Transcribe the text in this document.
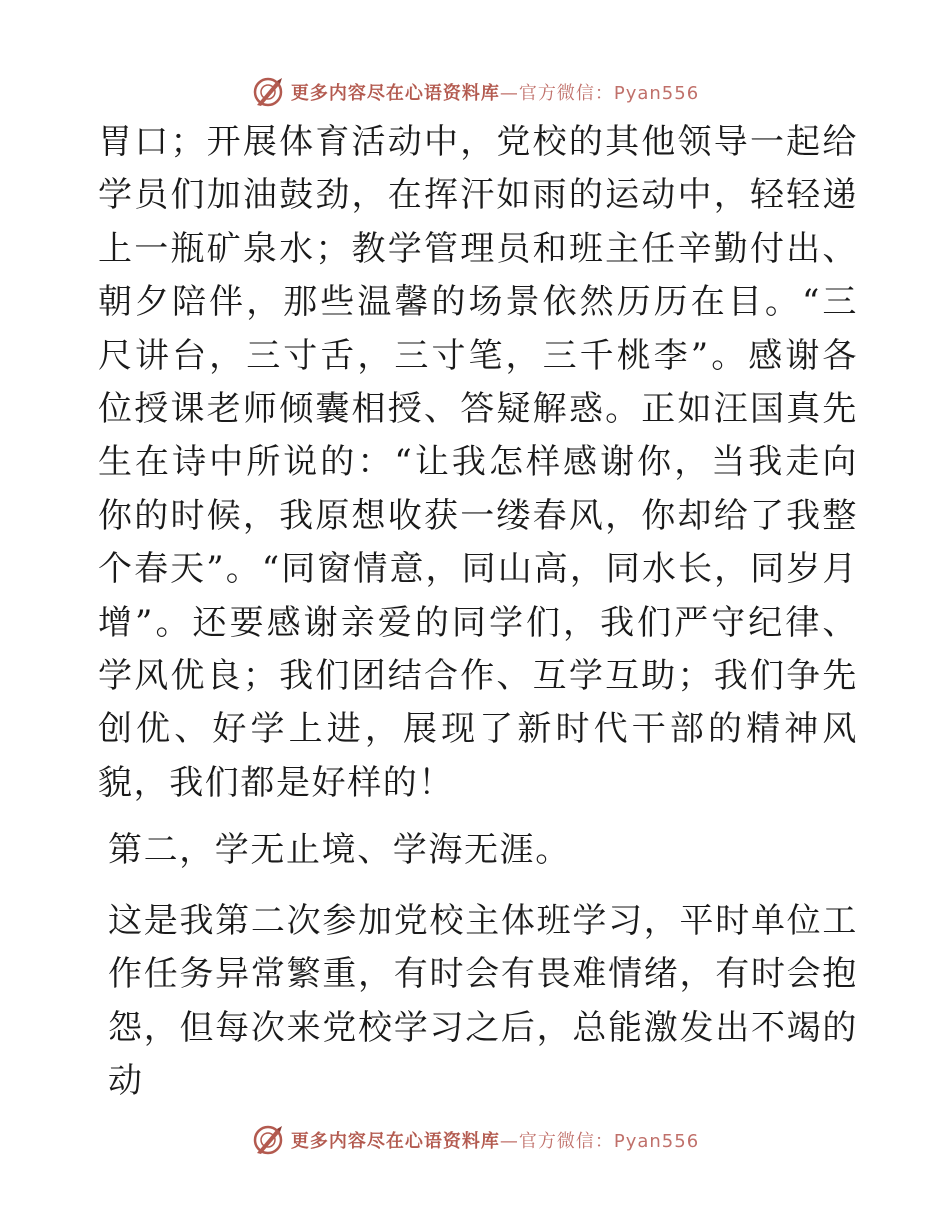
更多内容尽在心语资料库—官方微信：Pyan556

胃口；开展体育活动中，党校的其他领导一起给学员们加油鼓劲，在挥汗如雨的运动中，轻轻递上一瓶矿泉水；教学管理员和班主任辛勤付出、朝夕陪伴，那些温馨的场景依然历历在目。“三尺讲台，三寸舌，三寸笔，三千桃李”。感谢各位授课老师倾囊相授、答疑解惑。正如汪国真先生在诗中所说的：“让我怎样感谢你，当我走向你的时候，我原想收获一缕春风，你却给了我整个春天”。“同窗情意，同山高，同水长，同岁月增”。还要感谢亲爱的同学们，我们严守纪律、学风优良；我们团结合作、互学互助；我们争先创优、好学上进，展现了新时代干部的精神风貌，我们都是好样的！

第二，学无止境、学海无涯。

这是我第二次参加党校主体班学习，平时单位工作任务异常繁重，有时会有畏难情绪，有时会抱怨，但每次来党校学习之后，总能激发出不竭的动

更多内容尽在心语资料库—官方微信：Pyan556
